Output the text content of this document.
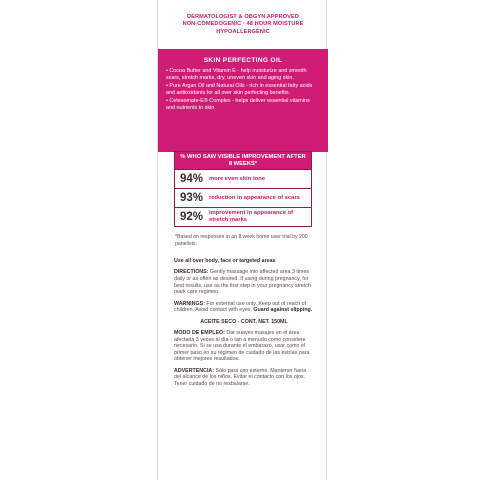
DERMATOLOGIST & OBGYN APPROVED
NON-COMEDOGENIC · 48 HOUR MOISTURE
HYPOALLERGENIC
SKIN PERFECTING OIL
• Cocoa Butter and Vitamin E - help moisturize and smooth scars, stretch marks, dry, uneven skin and aging skin.
• Pure Argan Oil and Natural Oils - rich in essential fatty acids and antioxidants for all over skin perfecting benefits.
• Cetesomate-E® Complex - helps deliver essential vitamins and nutrients to skin.
% WHO SAW VISIBLE IMPROVEMENT AFTER 8 WEEKS*
94%	more even skin tone
93%	reduction in appearance of scars
92%	improvement in appearance of stretch marks
*Based on responses in an 8 week home user trial by 200 panelists.

Use all over body, face or targeted areas

DIRECTIONS: Gently massage into affected area 3 times daily or as often as desired. If using during pregnancy, for best results, use as the first step in your pregnancy stretch mark care regimen.

WARNINGS: For external use only. Keep out of reach of children. Avoid contact with eyes. Guard against slipping.

ACEITE SECO - CONT. NET. 150ML

MODO DE EMPLEO: Dar suaves masajes en el área afectada 3 veces al día o tan a menudo como considere necesario. Si se usa durante el embarazo, usar como el primer paso en su régimen de cuidado de las estrías para obtener mejores resultados.

ADVERTENCIA: Sólo para uso externo. Mantener fuera del alcance de los niños. Evitar el contacto con los ojos. Tener cuidado de no resbalarse.
